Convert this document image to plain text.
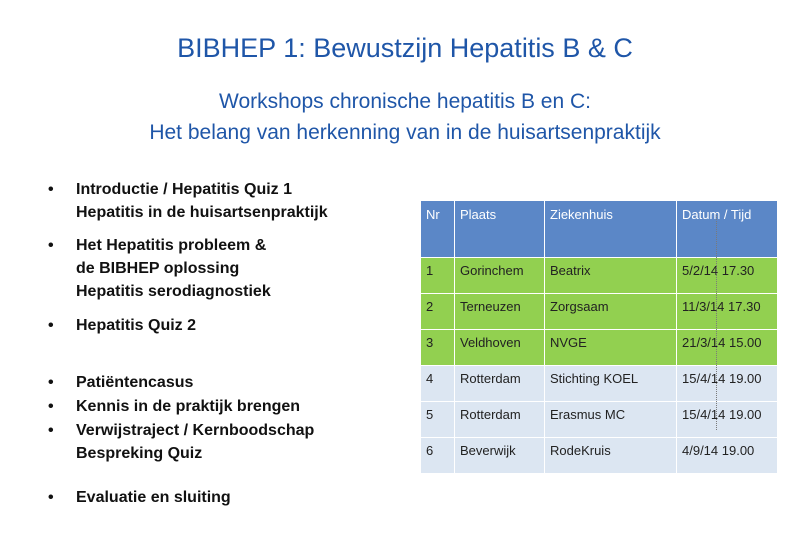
BIBHEP 1: Bewustzijn Hepatitis B & C
Workshops chronische hepatitis B en C:
Het belang van herkenning van in de huisartsenpraktijk
• Introductie / Hepatitis Quiz 1
Hepatitis in de huisartsenpraktijk
• Het Hepatitis probleem &
de BIBHEP oplossing
Hepatitis serodiagnostiek
• Hepatitis Quiz 2
• Patiëntencasus
• Kennis in de praktijk brengen
• Verwijstraject / Kernboodschap
Bespreking Quiz
• Evaluatie en sluiting
Nr	Plaats	Ziekenhuis	Datum / Tijd
1	Gorinchem	Beatrix	5/2/14 17.30
2	Terneuzen	Zorgsaam	11/3/14 17.30
3	Veldhoven	NVGE	21/3/14 15.00
4	Rotterdam	Stichting KOEL	15/4/14 19.00
5	Rotterdam	Erasmus MC	15/4/14 19.00
6	Beverwijk	RodeKruis	4/9/14 19.00
